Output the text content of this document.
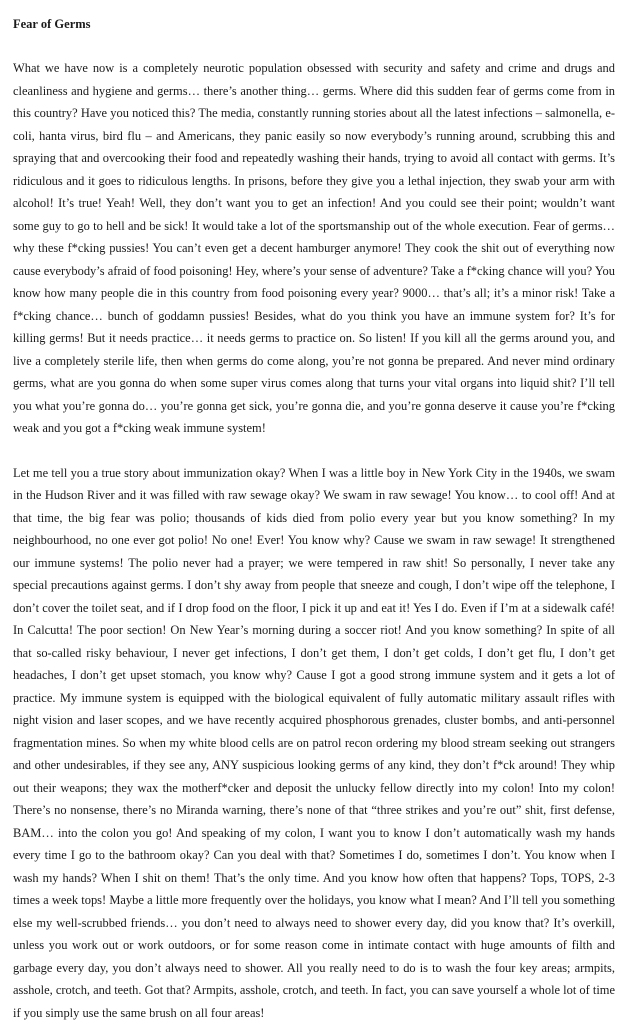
Fear of Germs

What we have now is a completely neurotic population obsessed with security and safety and crime and drugs and cleanliness and hygiene and germs… there’s another thing… germs. Where did this sudden fear of germs come from in this country? Have you noticed this? The media, constantly running stories about all the latest infections – salmonella, e-coli, hanta virus, bird flu – and Americans, they panic easily so now everybody’s running around, scrubbing this and spraying that and overcooking their food and repeatedly washing their hands, trying to avoid all contact with germs. It’s ridiculous and it goes to ridiculous lengths. In prisons, before they give you a lethal injection, they swab your arm with alcohol! It’s true! Yeah! Well, they don’t want you to get an infection! And you could see their point; wouldn’t want some guy to go to hell and be sick! It would take a lot of the sportsmanship out of the whole execution. Fear of germs… why these f*cking pussies! You can’t even get a decent hamburger anymore! They cook the shit out of everything now cause everybody’s afraid of food poisoning! Hey, where’s your sense of adventure? Take a f*cking chance will you? You know how many people die in this country from food poisoning every year? 9000… that’s all; it’s a minor risk! Take a f*cking chance… bunch of goddamn pussies! Besides, what do you think you have an immune system for? It’s for killing germs! But it needs practice… it needs germs to practice on. So listen! If you kill all the germs around you, and live a completely sterile life, then when germs do come along, you’re not gonna be prepared. And never mind ordinary germs, what are you gonna do when some super virus comes along that turns your vital organs into liquid shit? I’ll tell you what you’re gonna do… you’re gonna get sick, you’re gonna die, and you’re gonna deserve it cause you’re f*cking weak and you got a f*cking weak immune system!

Let me tell you a true story about immunization okay? When I was a little boy in New York City in the 1940s, we swam in the Hudson River and it was filled with raw sewage okay? We swam in raw sewage! You know… to cool off! And at that time, the big fear was polio; thousands of kids died from polio every year but you know something? In my neighbourhood, no one ever got polio! No one! Ever! You know why? Cause we swam in raw sewage! It strengthened our immune systems! The polio never had a prayer; we were tempered in raw shit! So personally, I never take any special precautions against germs. I don’t shy away from people that sneeze and cough, I don’t wipe off the telephone, I don’t cover the toilet seat, and if I drop food on the floor, I pick it up and eat it! Yes I do. Even if I’m at a sidewalk café! In Calcutta! The poor section! On New Year’s morning during a soccer riot! And you know something? In spite of all that so-called risky behaviour, I never get infections, I don’t get them, I don’t get colds, I don’t get flu, I don’t get headaches, I don’t get upset stomach, you know why? Cause I got a good strong immune system and it gets a lot of practice. My immune system is equipped with the biological equivalent of fully automatic military assault rifles with night vision and laser scopes, and we have recently acquired phosphorous grenades, cluster bombs, and anti-personnel fragmentation mines. So when my white blood cells are on patrol recon ordering my blood stream seeking out strangers and other undesirables, if they see any, ANY suspicious looking germs of any kind, they don’t f*ck around! They whip out their weapons; they wax the motherf*cker and deposit the unlucky fellow directly into my colon! Into my colon! There’s no nonsense, there’s no Miranda warning, there’s none of that “three strikes and you’re out” shit, first defense, BAM… into the colon you go! And speaking of my colon, I want you to know I don’t automatically wash my hands every time I go to the bathroom okay? Can you deal with that? Sometimes I do, sometimes I don’t. You know when I wash my hands? When I shit on them! That’s the only time. And you know how often that happens? Tops, TOPS, 2-3 times a week tops! Maybe a little more frequently over the holidays, you know what I mean? And I’ll tell you something else my well-scrubbed friends… you don’t need to always need to shower every day, did you know that? It’s overkill, unless you work out or work outdoors, or for some reason come in intimate contact with huge amounts of filth and garbage every day, you don’t always need to shower. All you really need to do is to wash the four key areas; armpits, asshole, crotch, and teeth. Got that? Armpits, asshole, crotch, and teeth. In fact, you can save yourself a whole lot of time if you simply use the same brush on all four areas!
